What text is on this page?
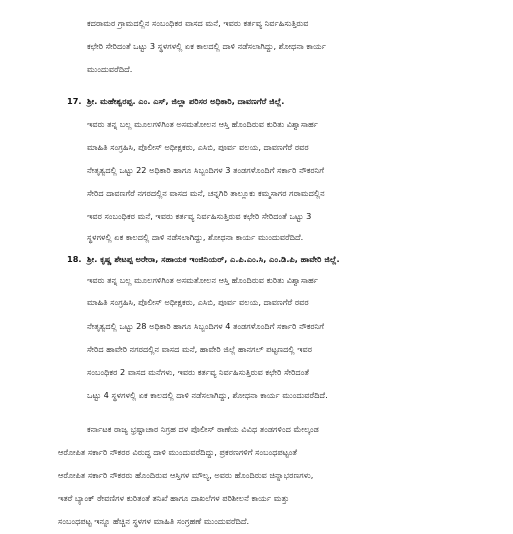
ಕದರಾಮರ ಗ್ರಾಮದಲ್ಲಿನ ಸಂಬಂಧಿಕರ ವಾಸದ ಮನೆ, ಇವರು ಕರ್ತವ್ಯ ನಿರ್ವಹಿಸುತ್ತಿರುವ
ಕಛೇರಿ ಸೇರಿದಂತೆ ಒಟ್ಟು 3 ಸ್ಥಳಗಳಲ್ಲಿ ಏಕ ಕಾಲದಲ್ಲಿ ದಾಳಿ ನಡೆಸಲಾಗಿದ್ದು, ಶೋಧನಾ ಕಾರ್ಯ
ಮುಂದುವರೆದಿದೆ.
17. ಶ್ರೀ. ಮಹೇಶ್ವರಪ್ಪ. ಎಂ. ಎಸ್, ಜಿಲ್ಲಾ ಪರಿಸರ ಅಧಿಕಾರಿ, ದಾವಣಗೆರೆ ಜಿಲ್ಲೆ.
ಇವರು ತನ್ನ ಬಲ್ಲ ಮೂಲಗಳಿಗಿಂತ ಅಸಮತೋಲನ ಆಸ್ತಿ ಹೊಂದಿರುವ ಕುರಿತು ವಿಶ್ವಾಸಾರ್ಹ
ಮಾಹಿತಿ ಸಂಗ್ರಹಿಸಿ, ಪೊಲೀಸ್ ಅಧೀಕ್ಷಕರು, ಎಸಿಬಿ, ಪೂರ್ವ ವಲಯ, ದಾವಣಗೆರೆ ರವರ
ನೇತೃತ್ವದಲ್ಲಿ ಒಟ್ಟು 22 ಅಧಿಕಾರಿ ಹಾಗೂ ಸಿಬ್ಬಂದಿಗಳ 3 ತಂಡಗಳೊಂದಿಗೆ ಸರ್ಕಾರಿ ನೌಕರನಿಗೆ
ಸೇರಿದ ದಾವಣಗೆರೆ ನಗರದಲ್ಲಿನ ವಾಸದ ಮನೆ, ಚನ್ನಗಿರಿ ತಾಲ್ಲೂಕು ಕಮ್ಮಸಾಗರ ಗರಾಮದಲ್ಲಿನ
ಇವರ ಸಂಬಂಧಿಕರ ಮನೆ, ಇವರು ಕರ್ತವ್ಯ ನಿರ್ವಹಿಸುತ್ತಿರುವ ಕಛೇರಿ ಸೇರಿದಂತೆ ಒಟ್ಟು 3
ಸ್ಥಳಗಳಲ್ಲಿ ಏಕ ಕಾಲದಲ್ಲಿ ದಾಳಿ ನಡೆಸಲಾಗಿದ್ದು, ಶೋಧನಾ ಕಾರ್ಯ ಮುಂದುವರೆದಿದೆ.
18. ಶ್ರೀ. ಕೃಷ್ಣ ಶೇಟಪ್ಪ ಅರೇರಾ, ಸಹಾಯಕ ಇಂಜಿನಿಯರ್, ಎ.ಪಿ.ಎಂ.ಸಿ, ಎಂ.ಡಿ.ಪಿ, ಹಾವೇರಿ ಜಿಲ್ಲೆ.
ಇವರು ತನ್ನ ಬಲ್ಲ ಮೂಲಗಳಿಗಿಂತ ಅಸಮತೋಲನ ಆಸ್ತಿ ಹೊಂದಿರುವ ಕುರಿತು ವಿಶ್ವಾಸಾರ್ಹ
ಮಾಹಿತಿ ಸಂಗ್ರಹಿಸಿ, ಪೊಲೀಸ್ ಅಧೀಕ್ಷಕರು, ಎಸಿಬಿ, ಪೂರ್ವ ವಲಯ, ದಾವಣಗೆರೆ ರವರ
ನೇತೃತ್ವದಲ್ಲಿ ಒಟ್ಟು 28 ಅಧಿಕಾರಿ ಹಾಗೂ ಸಿಬ್ಬಂದಿಗಳ 4 ತಂಡಗಳೊಂದಿಗೆ ಸರ್ಕಾರಿ ನೌಕರನಿಗೆ
ಸೇರಿದ ಹಾವೇರಿ ನಗರದಲ್ಲಿನ ವಾಸದ ಮನೆ, ಹಾವೇರಿ ಜಿಲ್ಲೆ ಹಾನಗಲ್ ಪಟ್ಟಣದಲ್ಲಿ ಇವರ
ಸಂಬಂಧಿಕರ 2 ವಾಸದ ಮನೆಗಳು, ಇವರು ಕರ್ತವ್ಯ ನಿರ್ವಹಿಸುತ್ತಿರುವ ಕಛೇರಿ ಸೇರಿದಂತೆ
ಒಟ್ಟು 4 ಸ್ಥಳಗಳಲ್ಲಿ ಏಕ ಕಾಲದಲ್ಲಿ ದಾಳಿ ನಡೆಸಲಾಗಿದ್ದು, ಶೋಧನಾ ಕಾರ್ಯ ಮುಂದುವರೆದಿದೆ.
ಕರ್ನಾಟಕ ರಾಜ್ಯ ಭ್ರಷ್ಟಾಚಾರ ನಿಗ್ರಹ ದಳ ಪೊಲೀಸ್ ಠಾಣೆಯ ವಿವಿಧ ತಂಡಗಳಿಂದ ಮೇಲ್ಕಂಡ
ಆರೋಪಿತ ಸರ್ಕಾರಿ ನೌಕರರ ವಿರುದ್ಧ ದಾಳಿ ಮುಂದುವರೆದಿದ್ದು, ಪ್ರಕರಣಗಳಿಗೆ ಸಂಬಂಧಪಟ್ಟಂತೆ
ಆರೋಪಿತ ಸರ್ಕಾರಿ ನೌಕರರು ಹೊಂದಿರುವ ಆಸ್ತಿಗಳ ಮೌಲ್ಯ, ಅವರು ಹೊಂದಿರುವ ಚಿನ್ನಾಭರಣಗಳು,
ಇತರೆ ಬ್ಯಾಂಕ್ ಠೇವಣಿಗಳ ಕುರಿತಂತೆ ತನಿಖೆ ಹಾಗೂ ದಾಖಲೆಗಳ ಪರಿಶೀಲನೆ ಕಾರ್ಯ ಮತ್ತು
ಸಂಬಂಧಪಟ್ಟ ಇನ್ನೂ ಹೆಚ್ಚಿನ ಸ್ಥಳಗಳ ಮಾಹಿತಿ ಸಂಗ್ರಹಣೆ ಮುಂದುವರೆದಿದೆ.
